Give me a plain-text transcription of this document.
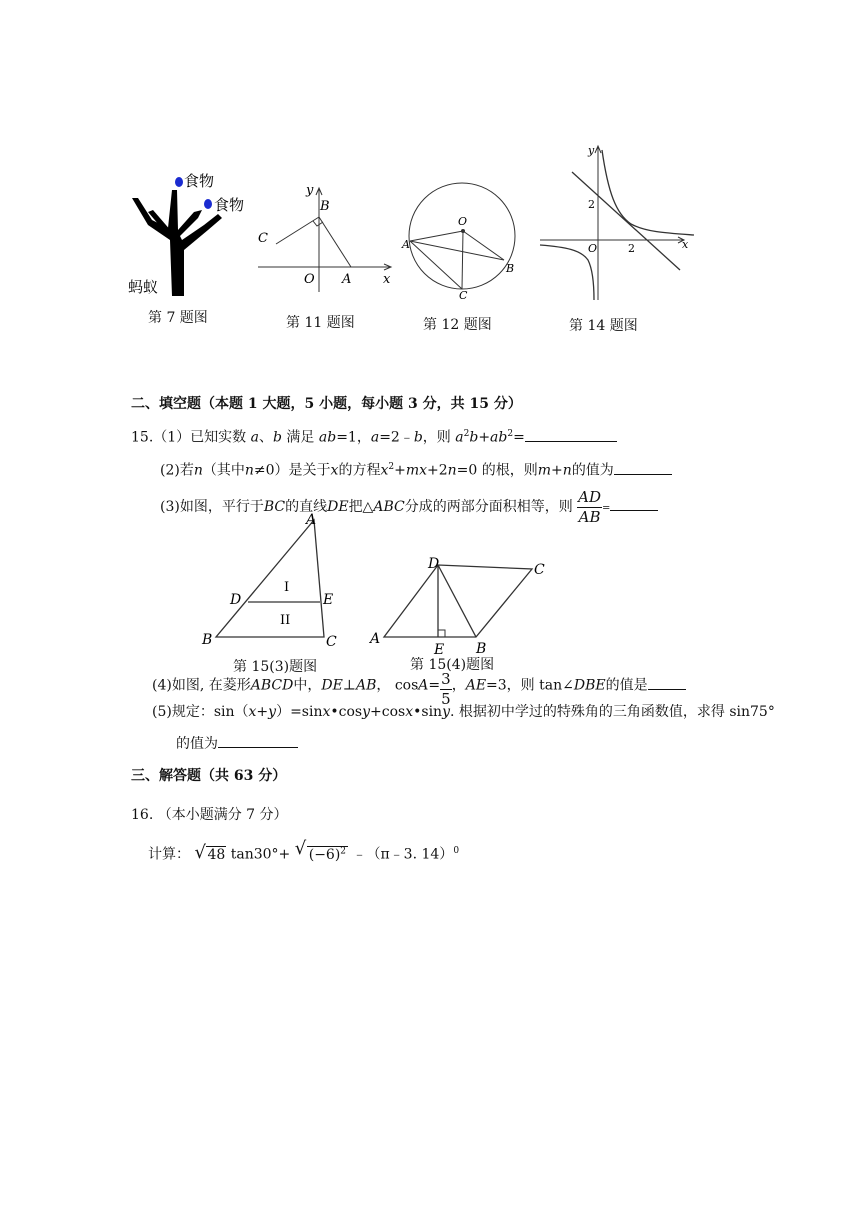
食物
食物
蚂蚁
第 7 题图
y
B
C
O A x
第 11 题图
O
A
B
C
第 12 题图
y
2
O	2	x
第 14 题图
二、填空题（本题 1 大题，5 小题，每小题 3 分，共 15 分）
15.（1）已知实数 a、b 满足 ab=1，a=2﹣b，则 $a^2b+ab^2=$
(2)若n（其中n≠0）是关于x的方程$x^2+mx+2n=0$ 的根，则m+n的值为
(3)如图，平行于BC的直线DE把△ABC分成的两部分面积相等，则 $\frac{AD}{AB}$ =
A
D	E
I
II
B	C
第 15(3)题图
D	C
A
E B
第 15(4)题图
(4)如图, 在菱形ABCD中，DE⊥AB， $\cos A= \frac{3}{5}$ ，AE=3，则 tan∠DBE的值是
(5)规定：sin（x+y）=sinx•cosy+cosx•siny. 根据初中学过的特殊角的三角函数值，求得 sin75°
的值为
三、解答题（共 63 分）
16. （本小题满分 7 分）
计算： √ 48 tan30°+ √ $(-6)^2$ ﹣（π﹣3. 14）$^0$
